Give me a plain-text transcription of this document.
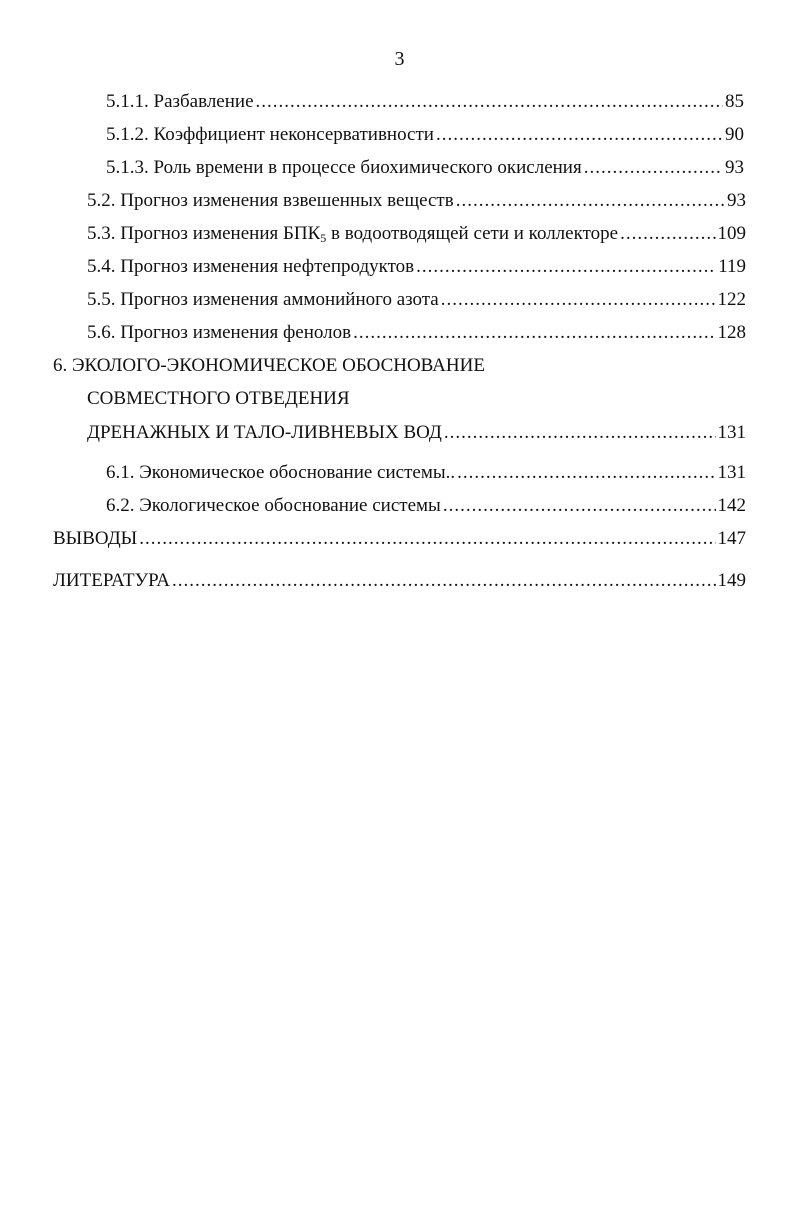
3
5.1.1. Разбавление .....	85
5.1.2. Коэффициент неконсервативности .....	90
5.1.3. Роль времени в процессе биохимического окисления .....	93
5.2. Прогноз изменения взвешенных веществ .....	93
5.3. Прогноз изменения $БПК_5$ в водоотводящей сети и коллекторе .....	109
5.4. Прогноз изменения нефтепродуктов .....	119
5.5. Прогноз изменения аммонийного азота .....	122
5.6. Прогноз изменения фенолов .....	128
6. ЭКОЛОГО-ЭКОНОМИЧЕСКОЕ ОБОСНОВАНИЕ
СОВМЕСТНОГО ОТВЕДЕНИЯ
ДРЕНАЖНЫХ И ТАЛО-ЛИВНЕВЫХ ВОД .....	131
6.1. Экономическое обоснование системы.. .....	131
6.2. Экологическое обоснование системы .....	142
ВЫВОДЫ .....	147
ЛИТЕРАТУРА .....	149
